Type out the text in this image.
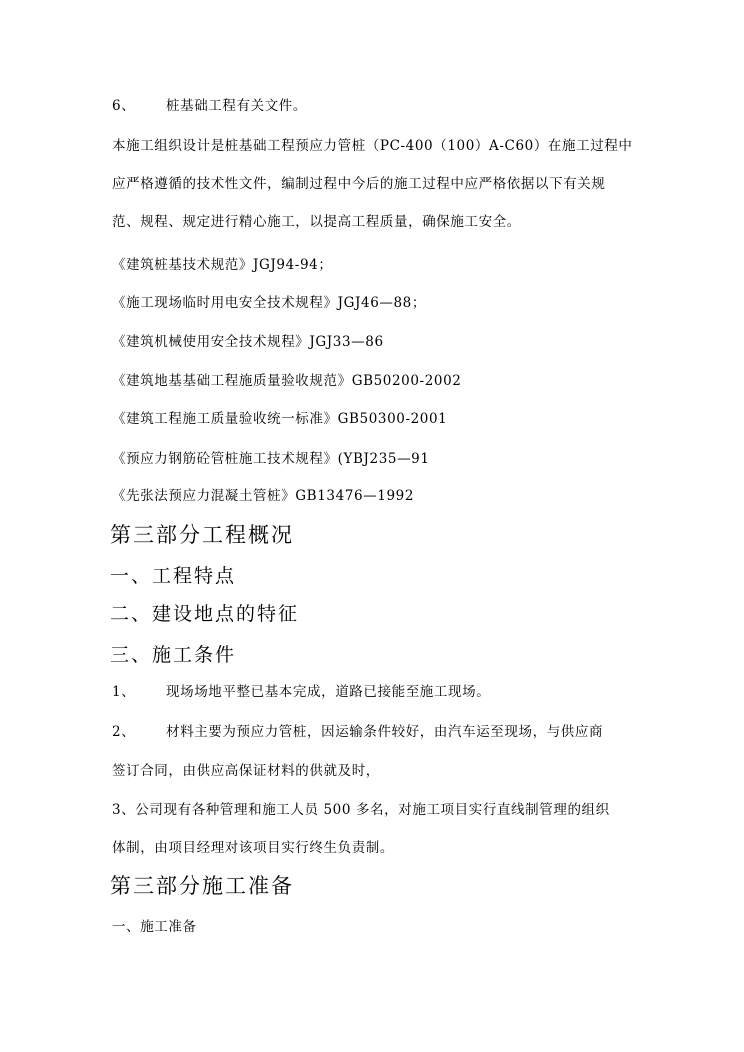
6、 桩基础工程有关文件。
本施工组织设计是桩基础工程预应力管桩（PC-400（100）A-C60）在施工过程中
应严格遵循的技术性文件，编制过程中今后的施工过程中应严格依据以下有关规
范、规程、规定进行精心施工，以提高工程质量，确保施工安全。
《建筑桩基技术规范》JGJ94-94；
《施工现场临时用电安全技术规程》JGJ46—88；
《建筑机械使用安全技术规程》JGJ33—86
《建筑地基基础工程施质量验收规范》GB50200-2002
《建筑工程施工质量验收统一标准》GB50300-2001
《预应力钢筋砼管桩施工技术规程》(YBJ235—91
《先张法预应力混凝土管桩》GB13476—1992
第三部分工程概况
一、工程特点
二、建设地点的特征
三、施工条件
1、 现场场地平整已基本完成，道路已接能至施工现场。
2、 材料主要为预应力管桩，因运输条件较好，由汽车运至现场，与供应商
签订合同，由供应高保证材料的供就及时，
3、公司现有各种管理和施工人员 500 多名，对施工项目实行直线制管理的组织
体制，由项目经理对该项目实行终生负责制。
第三部分施工准备
一、施工准备
